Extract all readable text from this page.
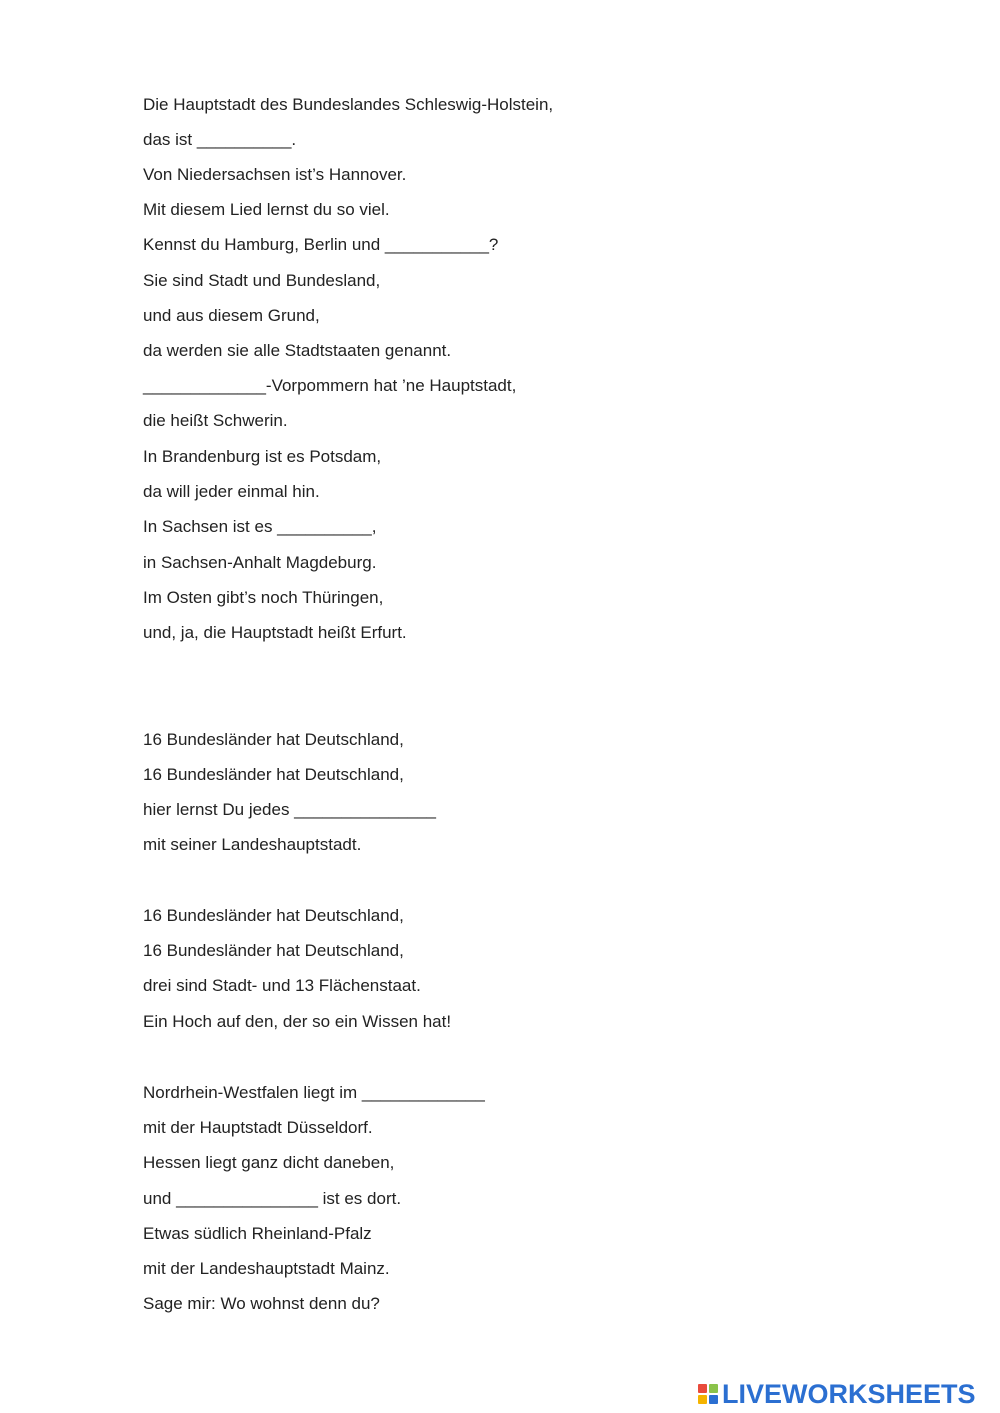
Die Hauptstadt des Bundeslandes Schleswig-Holstein,
das ist __________.
Von Niedersachsen ist’s Hannover.
Mit diesem Lied lernst du so viel.
Kennst du Hamburg, Berlin und ___________?
Sie sind Stadt und Bundesland,
und aus diesem Grund,
da werden sie alle Stadtstaaten genannt.
_____________-Vorpommern hat ’ne Hauptstadt,
die heißt Schwerin.
In Brandenburg ist es Potsdam,
da will jeder einmal hin.
In Sachsen ist es __________,
in Sachsen-Anhalt Magdeburg.
Im Osten gibt’s noch Thüringen,
und, ja, die Hauptstadt heißt Erfurt.
16 Bundesländer hat Deutschland,
16 Bundesländer hat Deutschland,
hier lernst Du jedes _______________
mit seiner Landeshauptstadt.
16 Bundesländer hat Deutschland,
16 Bundesländer hat Deutschland,
drei sind Stadt- und 13 Flächenstaat.
Ein Hoch auf den, der so ein Wissen hat!
Nordrhein-Westfalen liegt im _____________
mit der Hauptstadt Düsseldorf.
Hessen liegt ganz dicht daneben,
und _______________ ist es dort.
Etwas südlich Rheinland-Pfalz
mit der Landeshauptstadt Mainz.
Sage mir: Wo wohnst denn du?
LIVEWORKSHEETS
